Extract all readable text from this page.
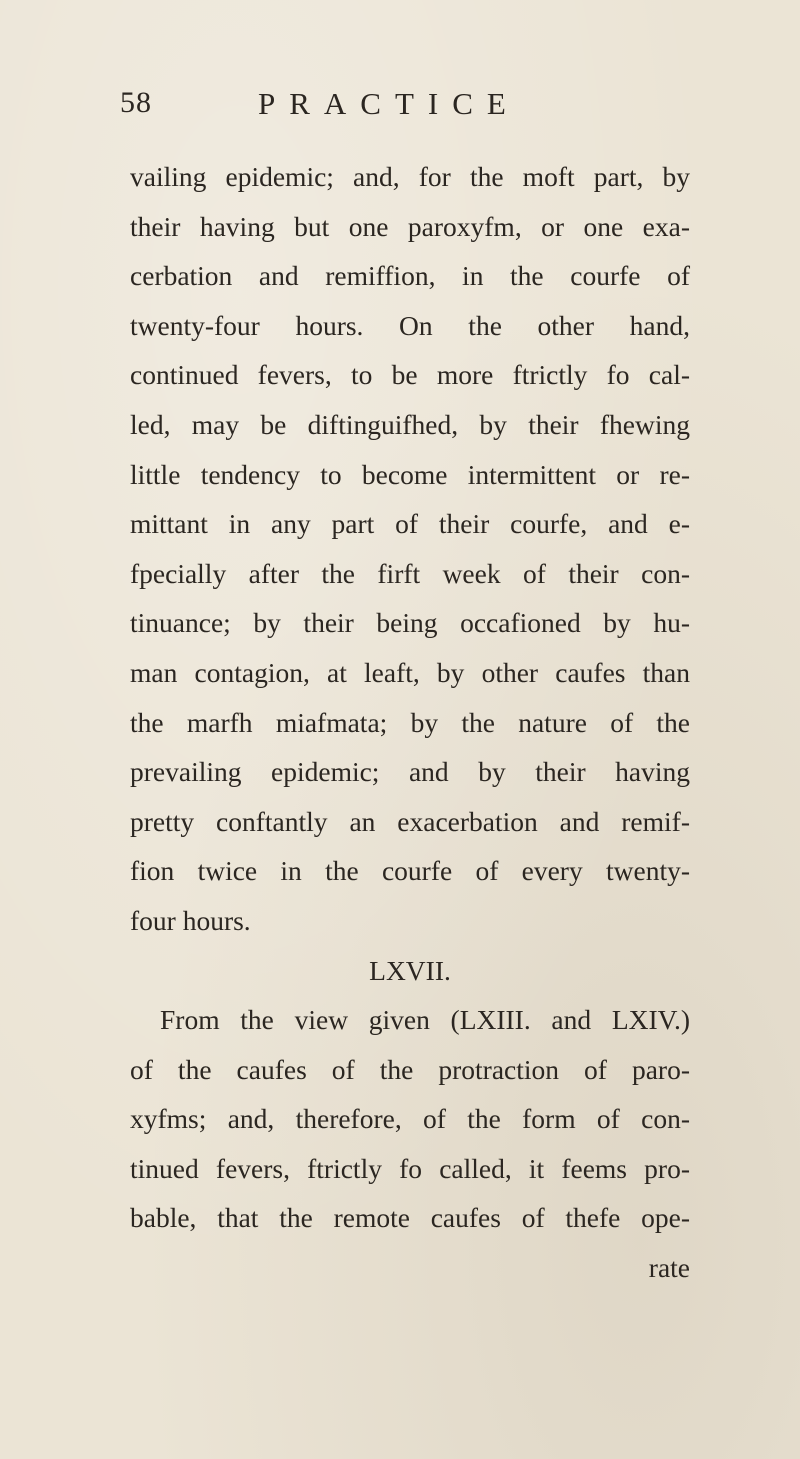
58	PRACTICE
vailing epidemic; and, for the moft part, by
their having but one paroxyfm, or one exa-
cerbation and remiffion, in the courfe of
twenty-four hours. On the other hand,
continued fevers, to be more ftrictly fo cal-
led, may be diftinguifhed, by their fhewing
little tendency to become intermittent or re-
mittant in any part of their courfe, and e-
fpecially after the firft week of their con-
tinuance; by their being occafioned by hu-
man contagion, at leaft, by other caufes than
the marfh miafmata; by the nature of the
prevailing epidemic; and by their having
pretty conftantly an exacerbation and remif-
fion twice in the courfe of every twenty-
four hours.
LXVII.
From the view given (LXIII. and LXIV.)
of the caufes of the protraction of paro-
xyfms; and, therefore, of the form of con-
tinued fevers, ftrictly fo called, it feems pro-
bable, that the remote caufes of thefe ope-
rate
